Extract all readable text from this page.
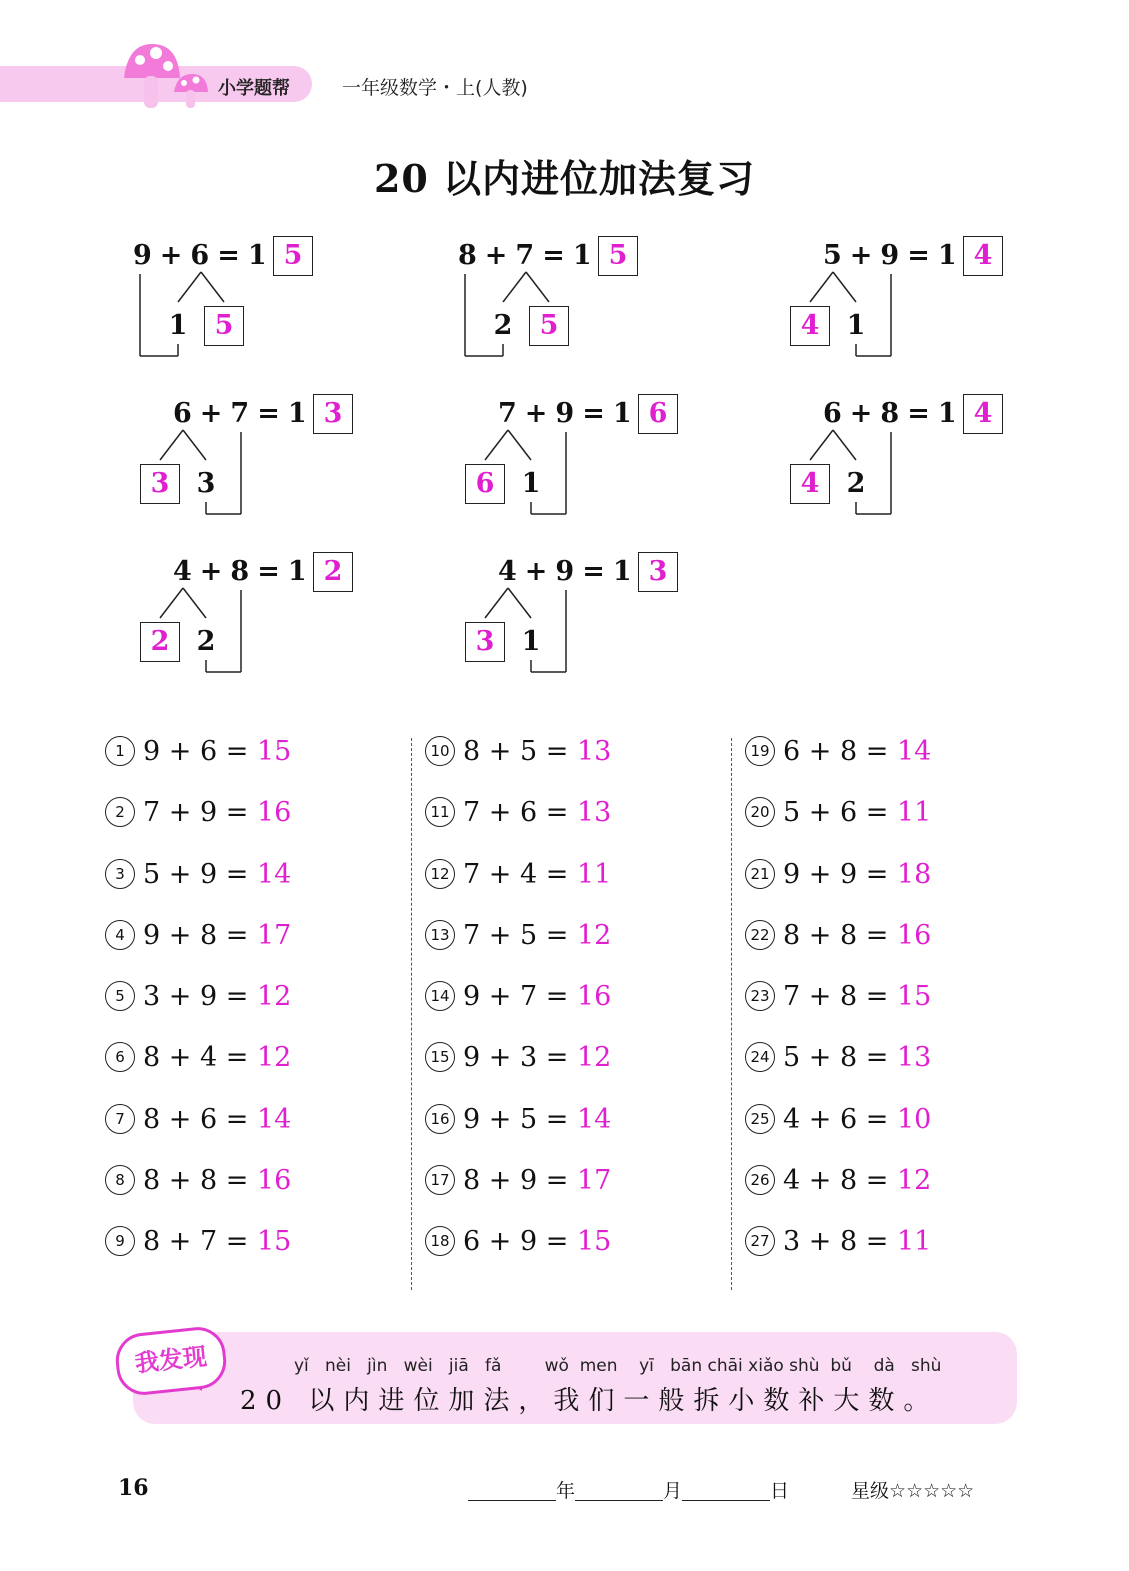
小学题帮	一年级数学・上(人教)
20 以内进位加法复习
9 + 6 = 1 5
1	5
8 + 7 = 1 5
2	5
5 + 9 = 1 4
4	1
6 + 7 = 1 3
3	3
7 + 9 = 1 6
6	1
6 + 8 = 1 4
4	2
4 + 8 = 1 2
2	2
4 + 9 = 1 3
3	1
1 9 + 6 = 15
2 7 + 9 = 16
3 5 + 9 = 14
4 9 + 8 = 17
5 3 + 9 = 12
6 8 + 4 = 12
7 8 + 6 = 14
8 8 + 8 = 16
9 8 + 7 = 15
10 8 + 5 = 13
11 7 + 6 = 13
12 7 + 4 = 11
13 7 + 5 = 12
14 9 + 7 = 16
15 9 + 3 = 12
16 9 + 5 = 14
17 8 + 9 = 17
18 6 + 9 = 15
19 6 + 8 = 14
20 5 + 6 = 11
21 9 + 9 = 18
22 8 + 8 = 16
23 7 + 8 = 15
24 5 + 8 = 13
25 4 + 6 = 10
26 4 + 8 = 12
27 3 + 8 = 11
我发现	yǐ   nèi   jìn   wèi   jiā   fǎ        wǒ  men    yī   bān chāi xiǎo shù  bǔ    dà   shù
20 以内进位加法，我们一般拆小数补大数。
16	年	月	日	星级☆☆☆☆☆
